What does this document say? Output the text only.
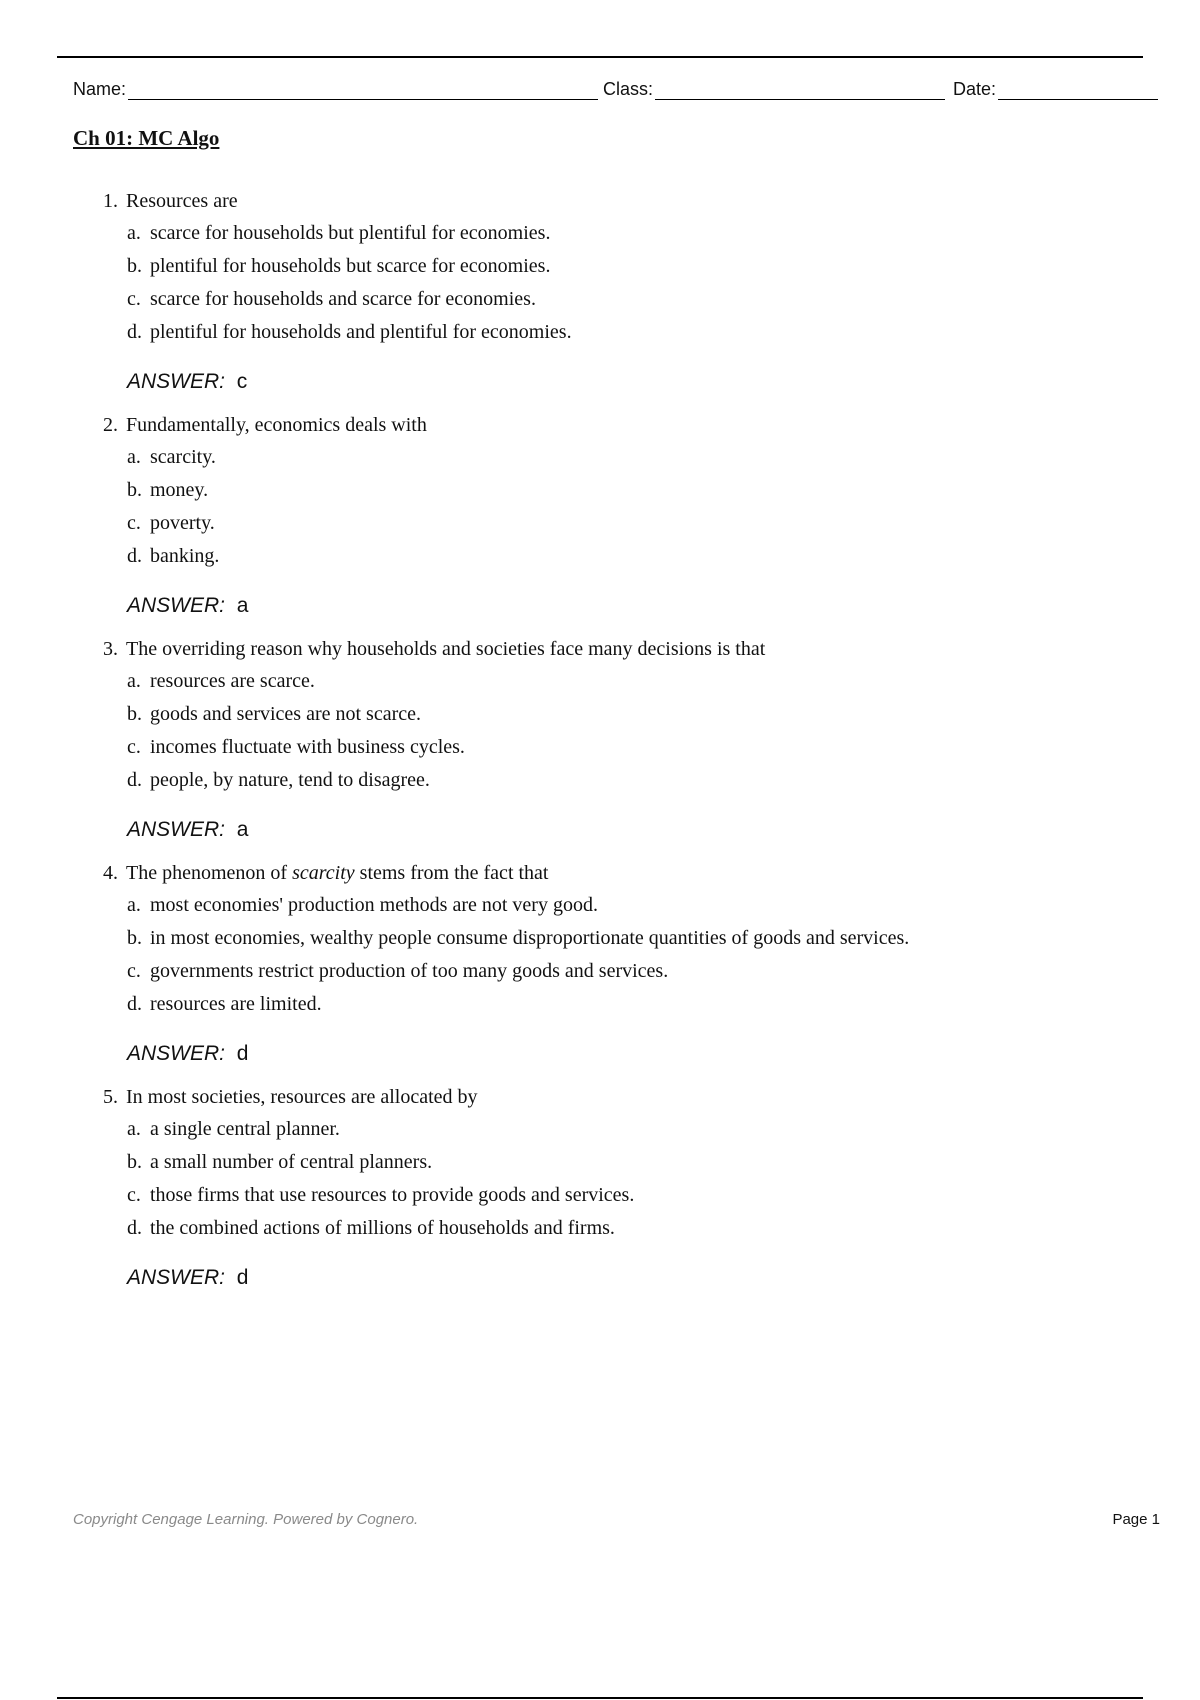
Name:	Class:	Date:
Ch 01: MC Algo
1. Resources are
a. scarce for households but plentiful for economies.
b. plentiful for households but scarce for economies.
c. scarce for households and scarce for economies.
d. plentiful for households and plentiful for economies.
ANSWER: c
2. Fundamentally, economics deals with
a. scarcity.
b. money.
c. poverty.
d. banking.
ANSWER: a
3. The overriding reason why households and societies face many decisions is that
a. resources are scarce.
b. goods and services are not scarce.
c. incomes fluctuate with business cycles.
d. people, by nature, tend to disagree.
ANSWER: a
4. The phenomenon of scarcity stems from the fact that
a. most economies' production methods are not very good.
b. in most economies, wealthy people consume disproportionate quantities of goods and services.
c. governments restrict production of too many goods and services.
d. resources are limited.
ANSWER: d
5. In most societies, resources are allocated by
a. a single central planner.
b. a small number of central planners.
c. those firms that use resources to provide goods and services.
d. the combined actions of millions of households and firms.
ANSWER: d
Copyright Cengage Learning. Powered by Cognero.	Page 1
